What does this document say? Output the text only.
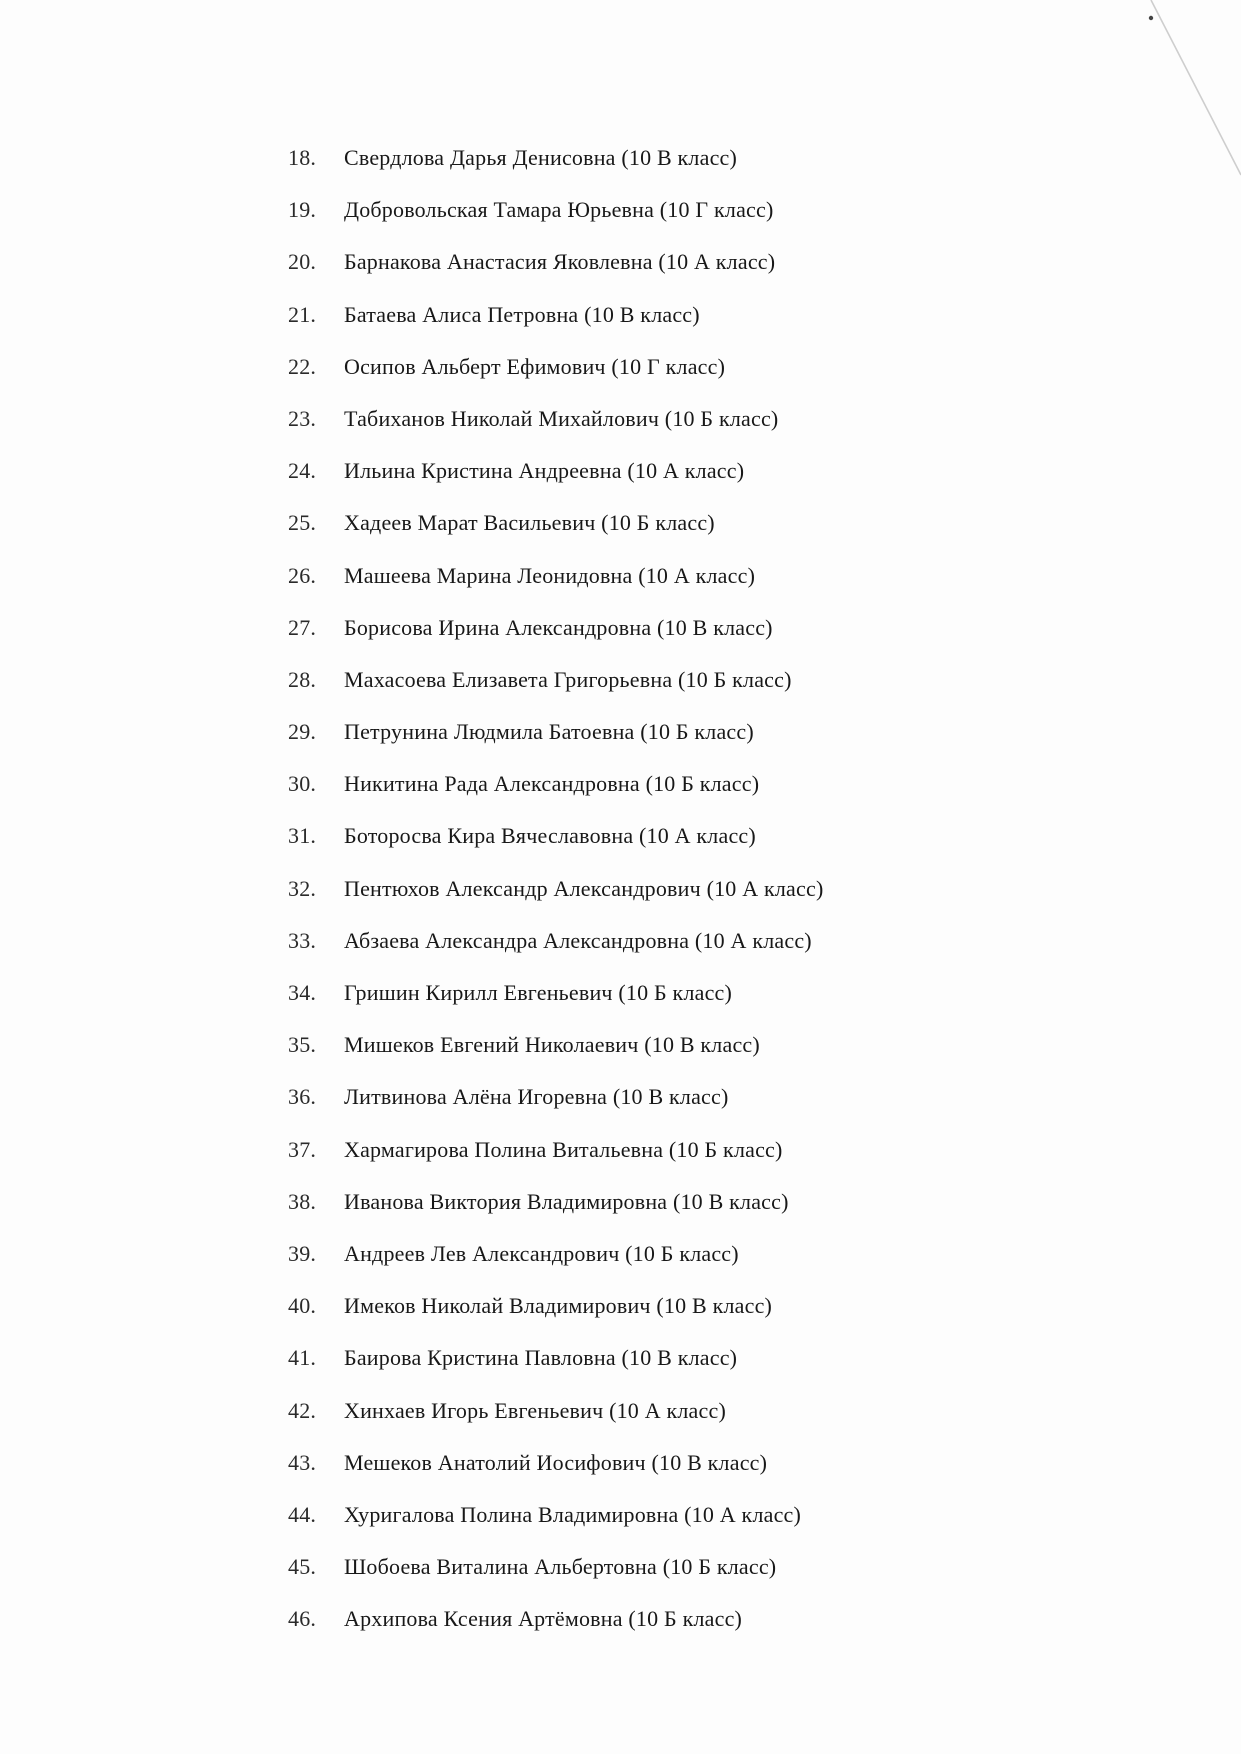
18.	Свердлова Дарья Денисовна (10 В класс)
19.	Добровольская Тамара Юрьевна (10 Г класс)
20.	Барнакова Анастасия Яковлевна (10 А класс)
21.	Батаева Алиса Петровна (10 В класс)
22.	Осипов Альберт Ефимович (10 Г класс)
23.	Табиханов Николай Михайлович (10 Б класс)
24.	Ильина Кристина Андреевна (10 А класс)
25.	Хадеев Марат Васильевич (10 Б класс)
26.	Машеева Марина Леонидовна (10 А класс)
27.	Борисова Ирина Александровна (10 В класс)
28.	Махасоева Елизавета Григорьевна (10 Б класс)
29.	Петрунина Людмила Батоевна (10 Б класс)
30.	Никитина Рада Александровна (10 Б класс)
31.	Боторосва Кира Вячеславовна (10 А класс)
32.	Пентюхов Александр Александрович (10 А класс)
33.	Абзаева Александра Александровна (10 А класс)
34.	Гришин Кирилл Евгеньевич (10 Б класс)
35.	Мишеков Евгений Николаевич (10 В класс)
36.	Литвинова Алёна Игоревна (10 В класс)
37.	Хармагирова Полина Витальевна (10 Б класс)
38.	Иванова Виктория Владимировна (10 В класс)
39.	Андреев Лев Александрович (10 Б класс)
40.	Имеков Николай Владимирович (10 В класс)
41.	Баирова Кристина Павловна (10 В класс)
42.	Хинхаев Игорь Евгеньевич (10 А класс)
43.	Мешеков Анатолий Иосифович (10 В класс)
44.	Хуригалова Полина Владимировна (10 А класс)
45.	Шобоева Виталина Альбертовна (10 Б класс)
46.	Архипова Ксения Артёмовна (10 Б класс)
